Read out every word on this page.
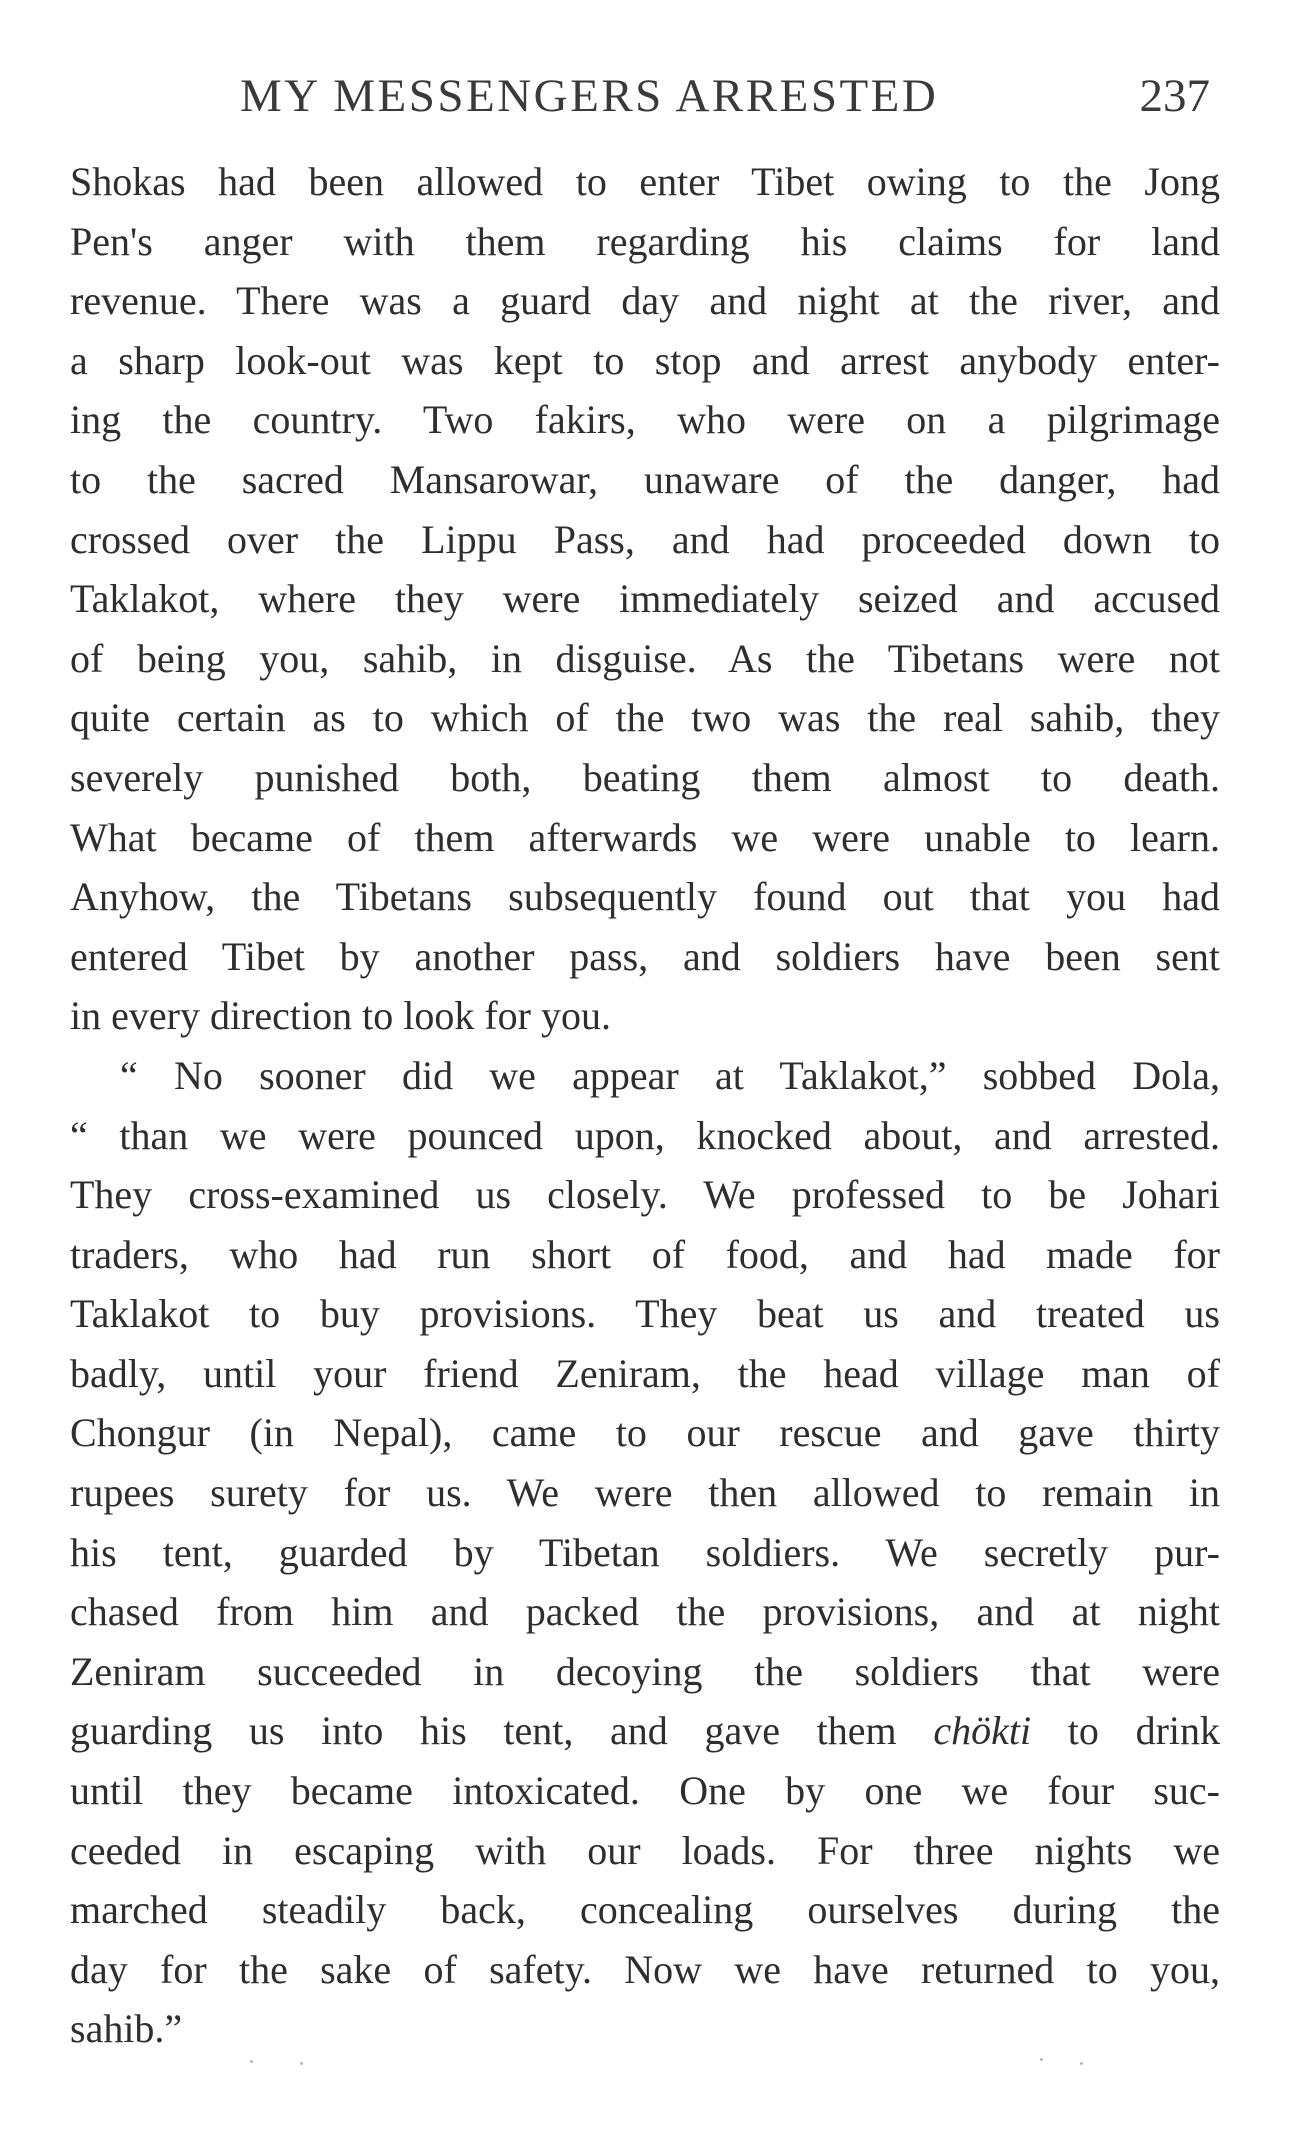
MY MESSENGERS ARRESTED	237
Shokas had been allowed to enter Tibet owing to the Jong
Pen's anger with them regarding his claims for land
revenue. There was a guard day and night at the river, and
a sharp look-out was kept to stop and arrest anybody enter-
ing the country. Two fakirs, who were on a pilgrimage
to the sacred Mansarowar, unaware of the danger, had
crossed over the Lippu Pass, and had proceeded down to
Taklakot, where they were immediately seized and accused
of being you, sahib, in disguise. As the Tibetans were not
quite certain as to which of the two was the real sahib, they
severely punished both, beating them almost to death.
What became of them afterwards we were unable to learn.
Anyhow, the Tibetans subsequently found out that you had
entered Tibet by another pass, and soldiers have been sent
in every direction to look for you.
“ No sooner did we appear at Taklakot,” sobbed Dola,
“ than we were pounced upon, knocked about, and arrested.
They cross-examined us closely. We professed to be Johari
traders, who had run short of food, and had made for
Taklakot to buy provisions. They beat us and treated us
badly, until your friend Zeniram, the head village man of
Chongur (in Nepal), came to our rescue and gave thirty
rupees surety for us. We were then allowed to remain in
his tent, guarded by Tibetan soldiers. We secretly pur-
chased from him and packed the provisions, and at night
Zeniram succeeded in decoying the soldiers that were
guarding us into his tent, and gave them chökti to drink
until they became intoxicated. One by one we four suc-
ceeded in escaping with our loads. For three nights we
marched steadily back, concealing ourselves during the
day for the sake of safety. Now we have returned to you,
sahib.”
